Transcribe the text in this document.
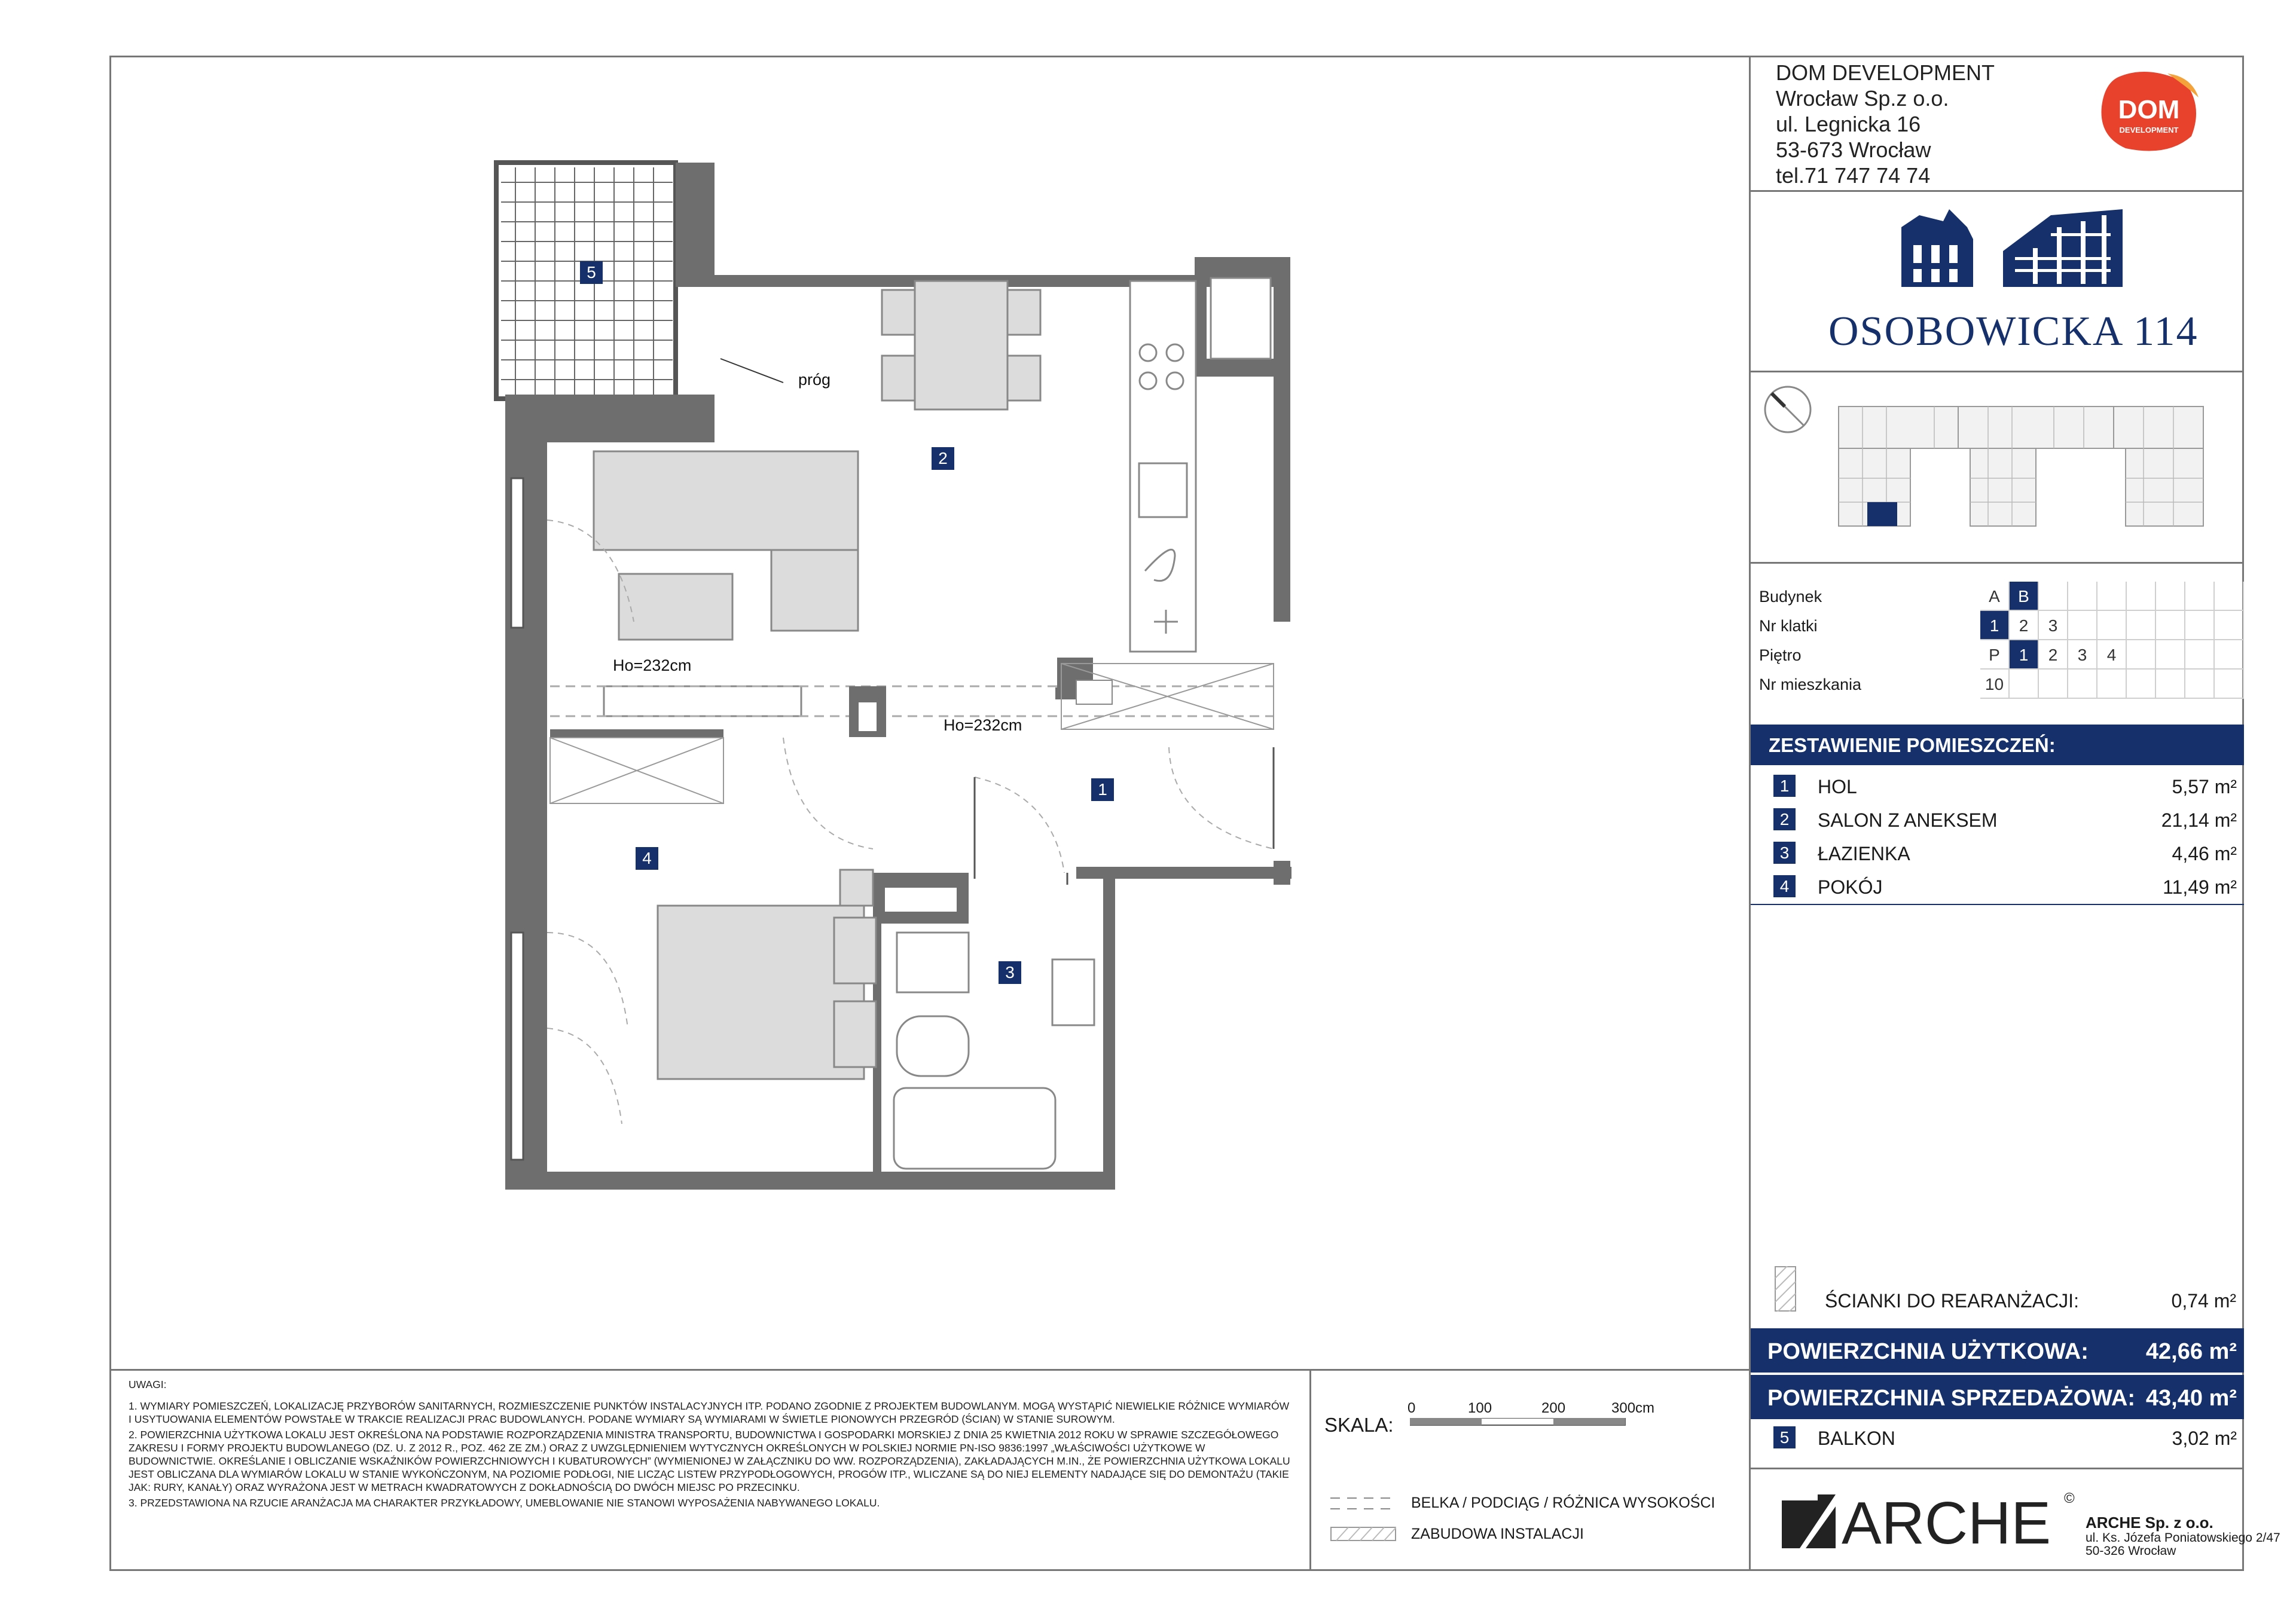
DOM DEVELOPMENT
Wrocław Sp.z o.o.
ul. Legnicka 16
53-673 Wrocław
tel.71 747 74 74
DOM
DEVELOPMENT
OSOBOWICKA 114
Budynek	A	B
Nr klatki	1	2	3
Piętro	P	1	2	3	4
Nr mieszkania	10
ZESTAWIENIE POMIESZCZEŃ:
1	HOL	5,57 m²
2	SALON Z ANEKSEM	21,14 m²
3	ŁAZIENKA	4,46 m²
4	POKÓJ	11,49 m²
ŚCIANKI DO REARANŻACJI:	0,74 m²
POWIERZCHNIA UŻYTKOWA:	42,66 m²
POWIERZCHNIA SPRZEDAŻOWA: 43,40 m²
5	BALKON	3,02 m²

UWAGI:

1. WYMIARY POMIESZCZEŃ, LOKALIZACJĘ PRZYBORÓW SANITARNYCH, ROZMIESZCZENIE PUNKTÓW INSTALACYJNYCH ITP. PODANO ZGODNIE Z PROJEKTEM BUDOWLANYM. MOGĄ WYSTĄPIĆ NIEWIELKIE RÓŻNICE WYMIARÓW I USYTUOWANIA ELEMENTÓW POWSTAŁE W TRAKCIE REALIZACJI PRAC BUDOWLANYCH. PODANE WYMIARY SĄ WYMIARAMI W ŚWIETLE PIONOWYCH PRZEGRÓD (ŚCIAN) W STANIE SUROWYM.

2. POWIERZCHNIA UŻYTKOWA LOKALU JEST OKREŚLONA NA PODSTAWIE ROZPORZĄDZENIA MINISTRA TRANSPORTU, BUDOWNICTWA I GOSPODARKI MORSKIEJ Z DNIA 25 KWIETNIA 2012 ROKU W SPRAWIE SZCZEGÓŁOWEGO ZAKRESU I FORMY PROJEKTU BUDOWLANEGO (DZ. U. Z 2012 R., POZ. 462 ZE ZM.) ORAZ Z UWZGLĘDNIENIEM WYTYCZNYCH OKREŚLONYCH W POLSKIEJ NORMIE PN-ISO 9836:1997 „WŁAŚCIWOŚCI UŻYTKOWE W BUDOWNICTWIE. OKREŚLANIE I OBLICZANIE WSKAŹNIKÓW POWIERZCHNIOWYCH I KUBATUROWYCH” (WYMIENIONEJ W ZAŁĄCZNIKU DO WW. ROZPORZĄDZENIA), ZAKŁADAJĄCYCH M.IN., ŻE POWIERZCHNIA UŻYTKOWA LOKALU JEST OBLICZANA DLA WYMIARÓW LOKALU W STANIE WYKOŃCZONYM, NA POZIOMIE PODŁOGI, NIE LICZĄC LISTEW PRZYPODŁOGOWYCH, PROGÓW ITP., WLICZANE SĄ DO NIEJ ELEMENTY NADAJĄCE SIĘ DO DEMONTAŻU (TAKIE JAK: RURY, KANAŁY) ORAZ WYRAŻONA JEST W METRACH KWADRATOWYCH Z DOKŁADNOŚCIĄ DO DWÓCH MIEJSC PO PRZECINKU.

3. PRZEDSTAWIONA NA RZUCIE ARANŻACJA MA CHARAKTER PRZYKŁADOWY, UMEBLOWANIE NIE STANOWI WYPOSAŻENIA NABYWANEGO LOKALU.

SKALA:
0	100	200	300cm
BELKA / PODCIĄG / RÓŻNICA WYSOKOŚCI
ZABUDOWA INSTALACJI	ARCHE ©
ARCHE Sp. z o.o.
ul. Ks. Józefa Poniatowskiego 2/47
50-326 Wrocław
5
2
1
4
3
próg
Ho=232cm
Ho=232cm
